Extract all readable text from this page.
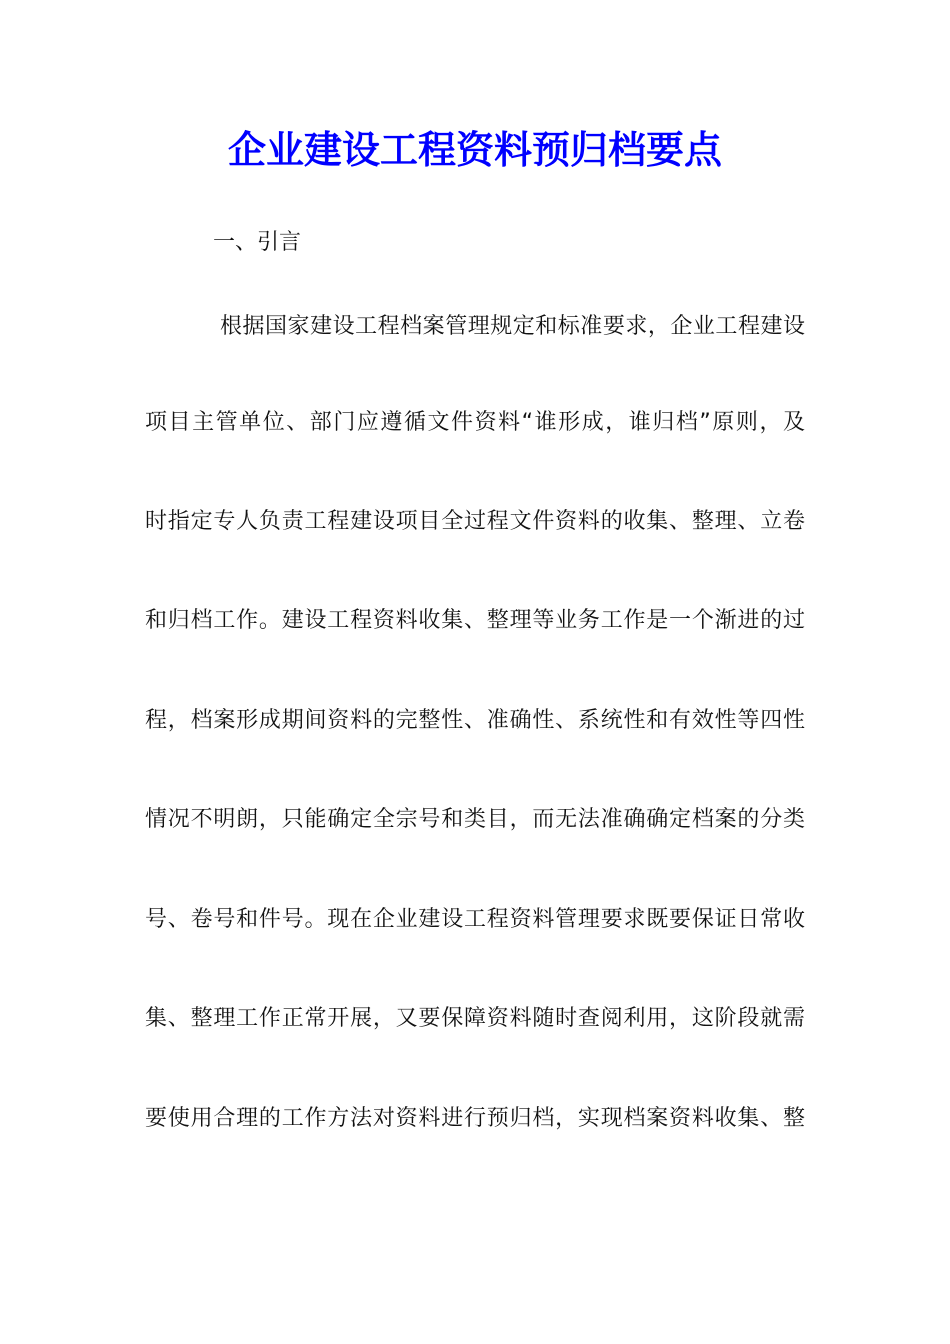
企业建设工程资料预归档要点

一、引言

根据国家建设工程档案管理规定和标准要求，企业工程建设

项目主管单位、部门应遵循文件资料“谁形成，谁归档”原则，及

时指定专人负责工程建设项目全过程文件资料的收集、整理、立卷

和归档工作。建设工程资料收集、整理等业务工作是一个渐进的过

程，档案形成期间资料的完整性、准确性、系统性和有效性等四性

情况不明朗，只能确定全宗号和类目，而无法准确确定档案的分类

号、卷号和件号。现在企业建设工程资料管理要求既要保证日常收

集、整理工作正常开展，又要保障资料随时查阅利用，这阶段就需

要使用合理的工作方法对资料进行预归档，实现档案资料收集、整
